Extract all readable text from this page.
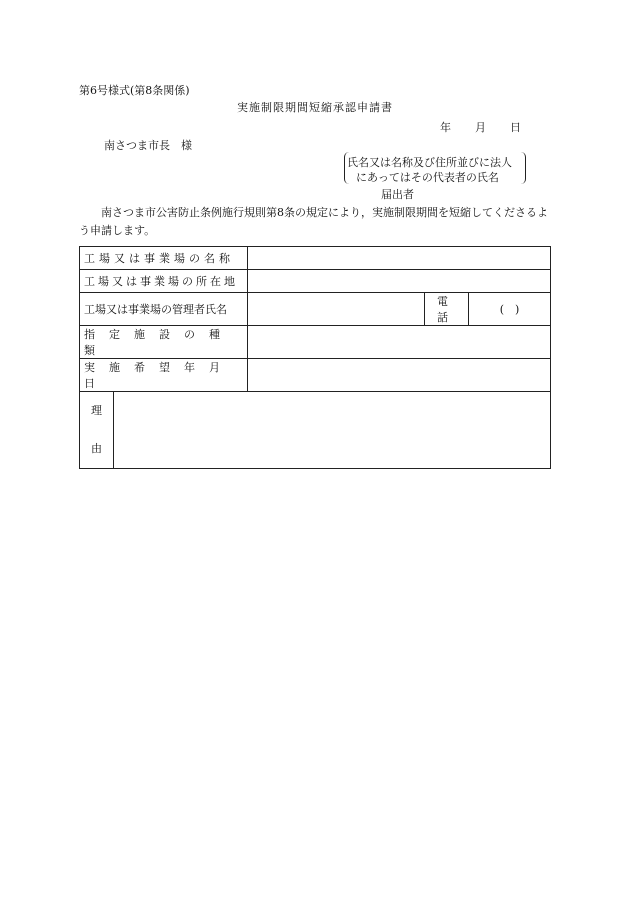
第6号様式(第8条関係)
実施制限期間短縮承認申請書
年 月 日
南さつま市長　様
氏名又は名称及び住所並びに法人
にあってはその代表者の氏名
届出者
南さつま市公害防止条例施行規則第8条の規定により，実施制限期間を短縮してくださるよう申請します。
工場又は事業場の名称				
工場又は事業場の所在地				
工場又は事業場の管理者氏名			電話	(　)
指定施設の種類				
実施希望年月日				

理
由				
